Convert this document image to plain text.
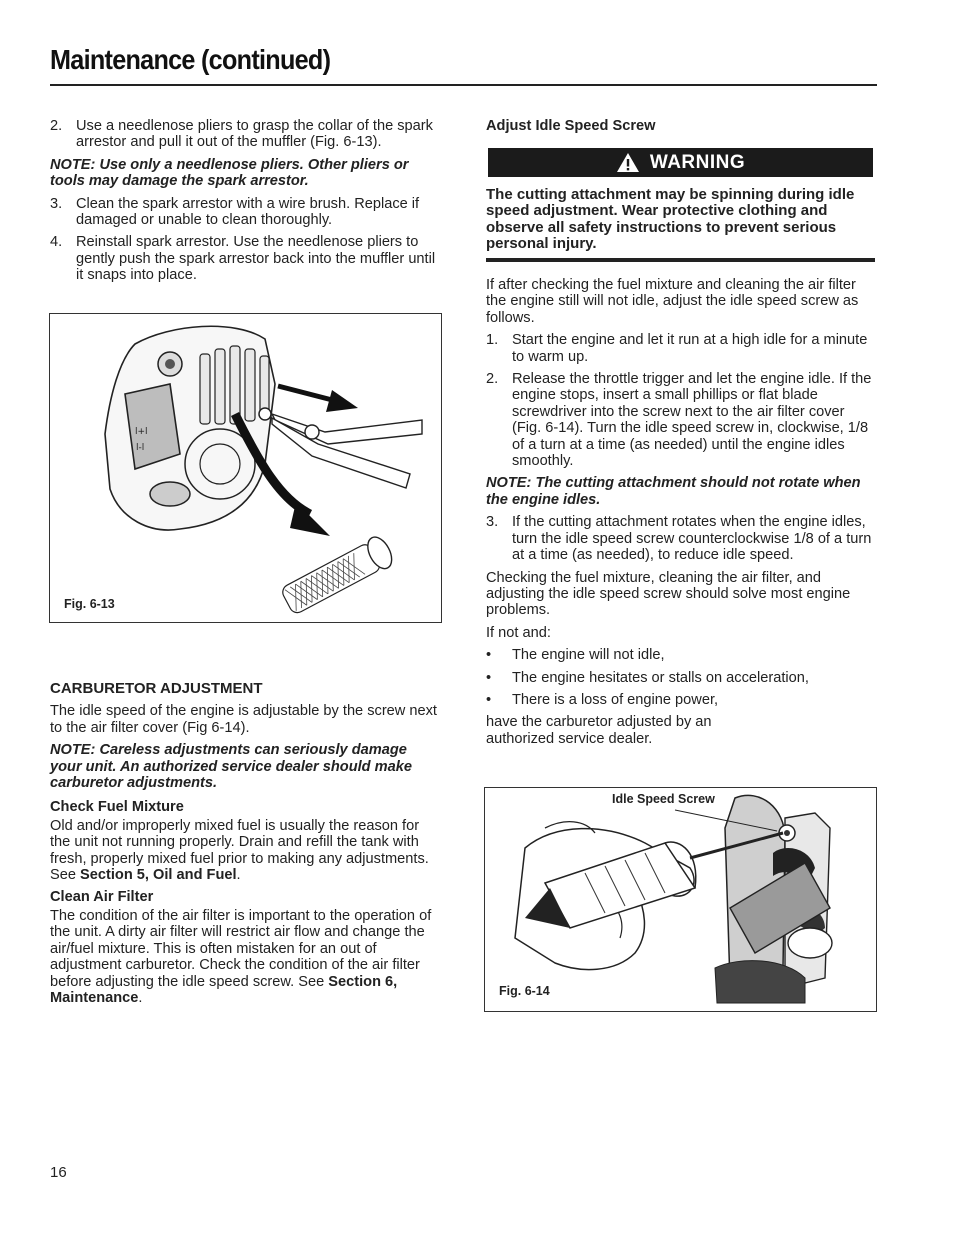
Maintenance (continued)
2. Use a needlenose pliers to grasp the collar of the spark arrestor and pull it out of the muffler (Fig. 6-13).

NOTE: Use only a needlenose pliers. Other pliers or tools may damage the spark arrestor.

3. Clean the spark arrestor with a wire brush. Replace if damaged or unable to clean thoroughly.
4. Reinstall spark arrestor. Use the needlenose pliers to gently push the spark arrestor back into the muffler until it snaps into place.
l+l
l-l
Fig. 6-13

CARBURETOR ADJUSTMENT

The idle speed of the engine is adjustable by the screw next to the air filter cover (Fig 6-14).

NOTE: Careless adjustments can seriously damage your unit. An authorized service dealer should make carburetor adjustments.

Check Fuel Mixture

Old and/or improperly mixed fuel is usually the reason for the unit not running properly. Drain and refill the tank with fresh, properly mixed fuel prior to making any adjustments. See Section 5, Oil and Fuel.

Clean Air Filter

The condition of the air filter is important to the operation of the unit. A dirty air filter will restrict air flow and change the air/fuel mixture. This is often mistaken for an out of adjustment carburetor. Check the condition of the air filter before adjusting the idle speed screw. See Section 6, Maintenance.

Adjust Idle Speed Screw
WARNING
The cutting attachment may be spinning during idle speed adjustment. Wear protective clothing and observe all safety instructions to prevent serious personal injury.

If after checking the fuel mixture and cleaning the air filter the engine still will not idle, adjust the idle speed screw as follows.

1. Start the engine and let it run at a high idle for a minute to warm up.
2. Release the throttle trigger and let the engine idle. If the engine stops, insert a small phillips or flat blade screwdriver into the screw next to the air filter cover (Fig. 6-14). Turn the idle speed screw in, clockwise, 1/8 of a turn at a time (as needed) until the engine idles smoothly.

NOTE: The cutting attachment should not rotate when the engine idles.

3. If the cutting attachment rotates when the engine idles, turn the idle speed screw counterclockwise 1/8 of a turn at a time (as needed), to reduce idle speed.

Checking the fuel mixture, cleaning the air filter, and adjusting the idle speed screw should solve most engine problems.

If not and:

•	The engine will not idle,
•	The engine hesitates or stalls on acceleration,
•	There is a loss of engine power,

have the carburetor adjusted by an authorized service dealer.

Idle Speed Screw
Fig. 6-14
16
